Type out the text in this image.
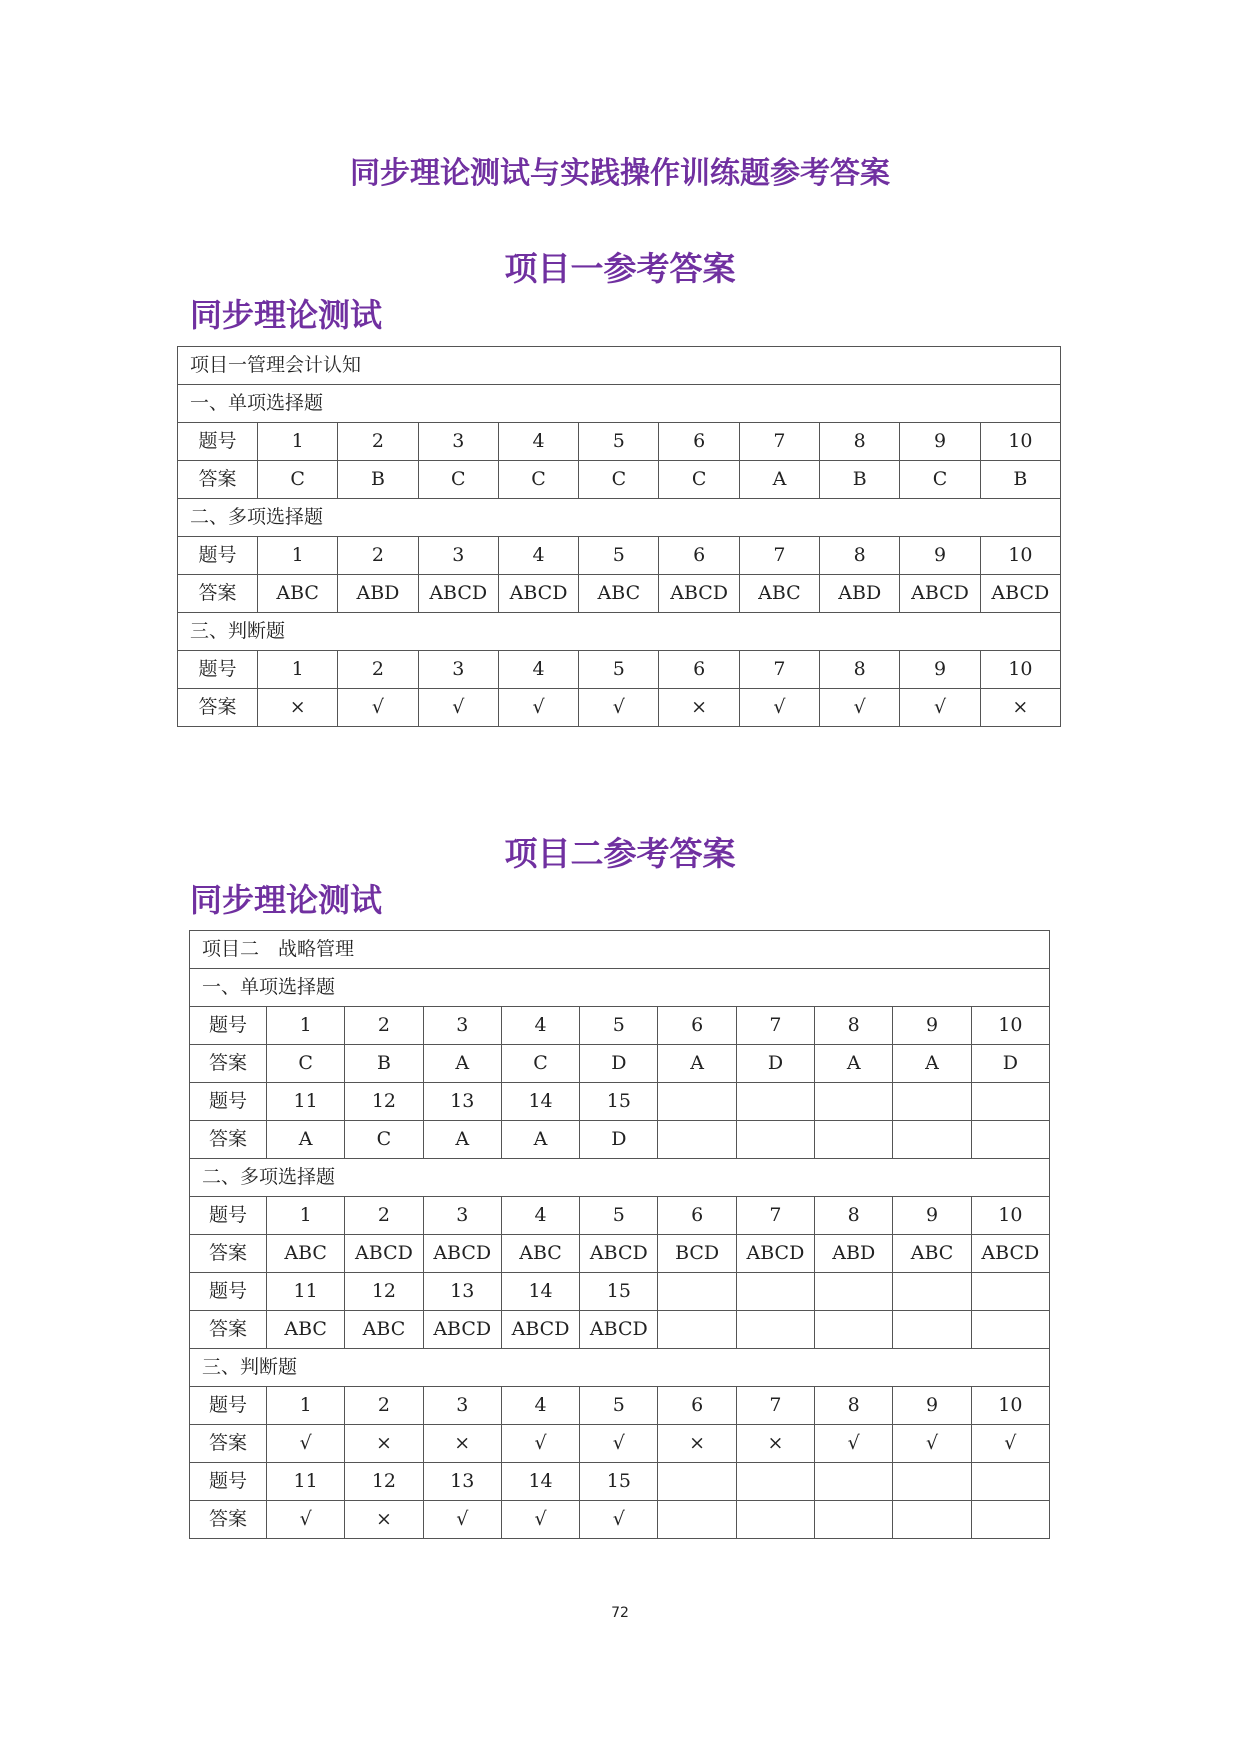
同步理论测试与实践操作训练题参考答案
项目一参考答案
同步理论测试
项目一管理会计认知										
一、单项选择题										
题号	1	2	3	4	5	6	7	8	9	10
答案	C	B	C	C	C	C	A	B	C	B
二、多项选择题										
题号	1	2	3	4	5	6	7	8	9	10
答案	ABC	ABD	ABCD	ABCD	ABC	ABCD	ABC	ABD	ABCD	ABCD
三、判断题										
题号	1	2	3	4	5	6	7	8	9	10
答案	×	√	√	√	√	×	√	√	√	×
项目二参考答案
同步理论测试
项目二　战略管理										
一、单项选择题										
题号	1	2	3	4	5	6	7	8	9	10
答案	C	B	A	C	D	A	D	A	A	D
题号	11	12	13	14	15					
答案	A	C	A	A	D					
二、多项选择题										
题号	1	2	3	4	5	6	7	8	9	10
答案	ABC	ABCD	ABCD	ABC	ABCD	BCD	ABCD	ABD	ABC	ABCD
题号	11	12	13	14	15					
答案	ABC	ABC	ABCD	ABCD	ABCD					
三、判断题										
题号	1	2	3	4	5	6	7	8	9	10
答案	√	×	×	√	√	×	×	√	√	√
题号	11	12	13	14	15					
答案	√	×	√	√	√					
72
